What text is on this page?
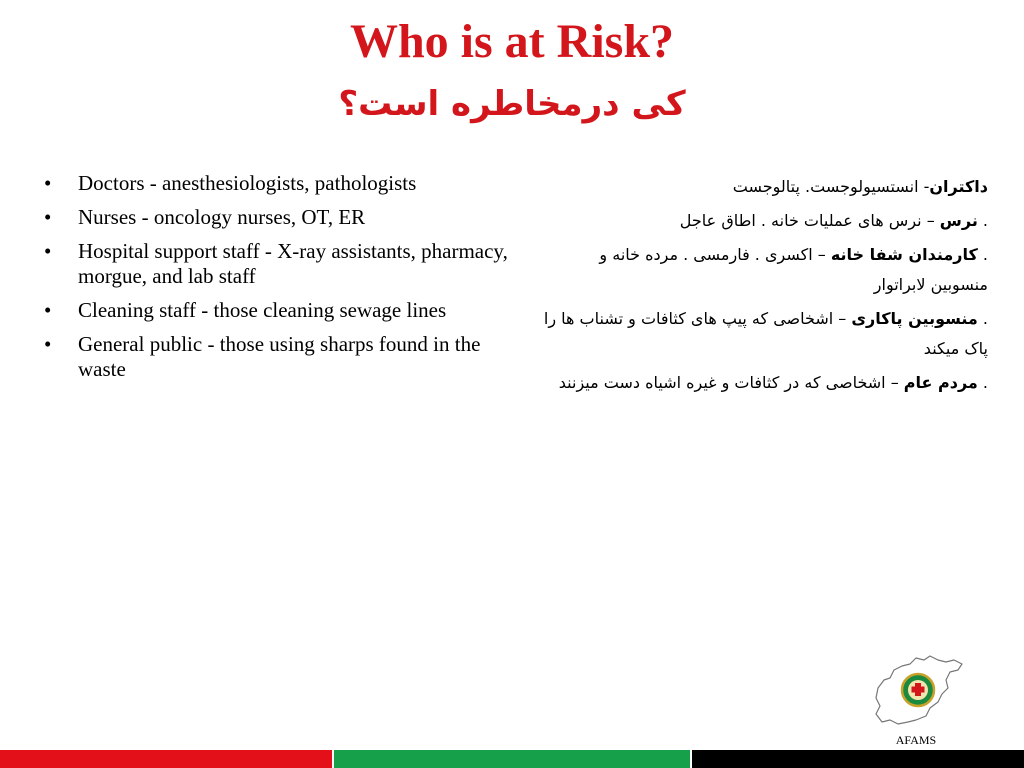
Who is at Risk?
کی درمخاطره است؟
• Doctors - anesthesiologists, pathologists
• Nurses - oncology nurses, OT, ER
• Hospital support staff - X-ray assistants, pharmacy, morgue, and lab staff
• Cleaning staff - those cleaning sewage lines
• General public - those using sharps found in the waste

داکتران- انستسیولوجست. پتالوجست

. نرس – نرس های عملیات خانه . اطاق عاجل

. کارمندان شفا خانه – اکسری . فارمسی . مرده خانه و منسوبین لابراتوار

. منسوبین پاکاری – اشخاصی که پیپ های کثافات و تشناب ها را پاک میکند

. مردم عام – اشخاصی که در کثافات و غیره اشیاه دست میزنند

AFAMS
